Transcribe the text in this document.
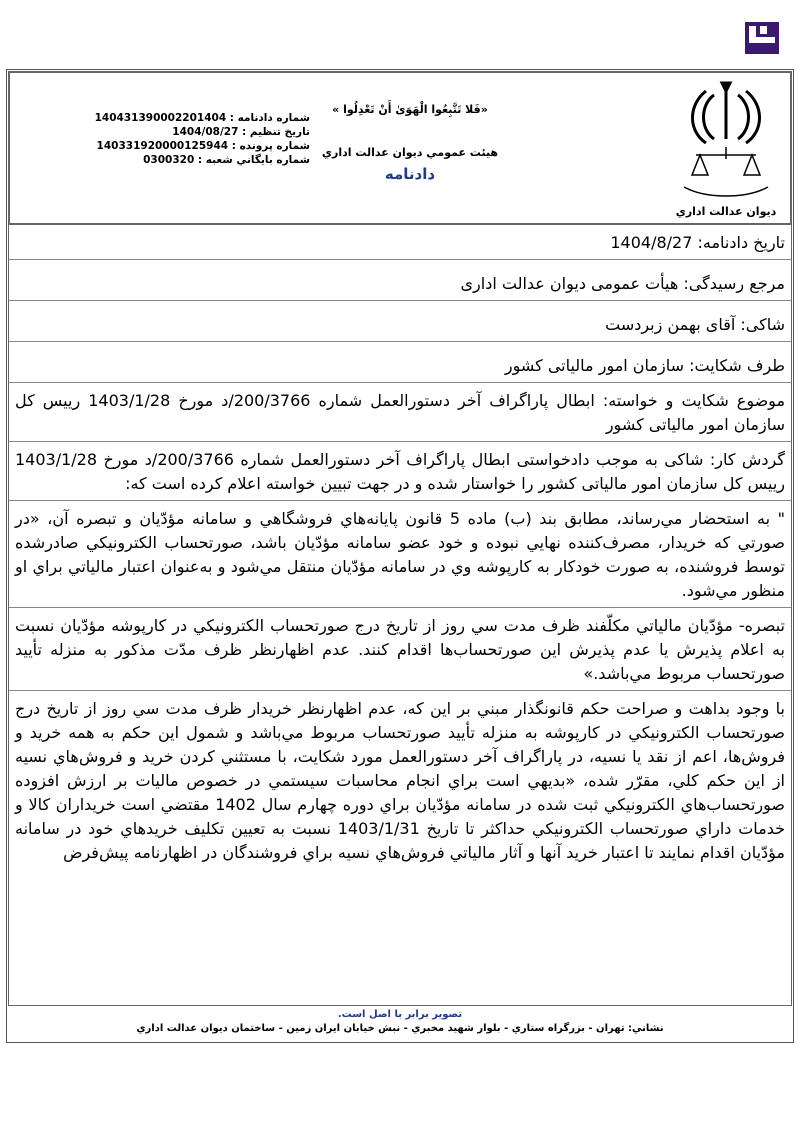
ديوان عدالت اداري
«فَلا تَتَّبِعُوا الْهَوَىٰ أَنْ تَعْدِلُوا »
هيئت عمومي ديوان عدالت اداري
دادنامه
شماره دادنامه : 140431390002201404
تاريخ تنظيم : 1404/08/27
شماره پرونده : 140331920000125944
شماره بايگاني شعبه : 0300320
تاریخ دادنامه: 1404/8/27
مرجع رسیدگی: هیأت عمومی دیوان عدالت اداری
شاکی: آقای بهمن زبردست
طرف شکایت: سازمان امور مالیاتی کشور
موضوع شکایت و خواسته: ابطال پاراگراف آخر دستورالعمل شماره 200/3766/د مورخ 1403/1/28 رییس کل سازمان امور مالیاتی کشور
گردش کار: شاکی به موجب دادخواستی ابطال پاراگراف آخر دستورالعمل شماره 200/3766/د مورخ 1403/1/28 رییس کل سازمان امور مالیاتی کشور را خواستار شده و در جهت تبیین خواسته اعلام کرده است که:
" به استحضار مي‌رساند، مطابق بند (ب) ماده 5 قانون پايانه‌هاي فروشگاهي و سامانه مؤدّيان و تبصره آن، «در صورتي كه خريدار، مصرف‌كننده نهايي نبوده و خود عضو سامانه مؤدّيان باشد، صورتحساب الكترونيكي صادرشده توسط فروشنده، به صورت خودكار به كارپوشه وي در سامانه مؤدّيان منتقل مي‌شود و به‌عنوان اعتبار مالياتي براي او منظور مي‌شود.
تبصره- مؤدّيان مالياتي مكلّفند ظرف مدت سي روز از تاريخ درج صورتحساب الكترونيكي در كارپوشه مؤدّيان نسبت به اعلام پذيرش يا عدم پذيرش اين صورتحساب‌ها اقدام كنند. عدم اظهارنظر ظرف مدّت مذكور به منزله تأييد صورتحساب مربوط مي‌باشد.»
با وجود بداهت و صراحت حكم قانونگذار مبني بر اين كه، عدم اظهارنظر خريدار ظرف مدت سي روز از تاريخ درج صورتحساب الكترونيكي در كارپوشه به منزله تأييد صورتحساب مربوط مي‌باشد و شمول اين حكم به همه خريد و فروش‌ها، اعم از نقد يا نسيه، در پاراگراف آخر دستورالعمل مورد شكايت، با مستثني كردن خريد و فروش‌هاي نسيه از اين حكم كلي، مقرّر شده، «بديهي است براي انجام محاسبات سيستمي در خصوص ماليات بر ارزش افزوده صورتحساب‌هاي الكترونيكي ثبت شده در سامانه مؤدّيان براي دوره چهارم سال 1402 مقتضي است خريداران كالا و خدمات داراي صورتحساب الكترونيكي حداكثر تا تاريخ 1403/1/31 نسبت به تعيين تكليف خريدهاي خود در سامانه مؤدّيان اقدام نمايند تا اعتبار خريد آنها و آثار مالياتي فروش‌هاي نسيه براي فروشندگان در اظهارنامه پيش‌فرض
تصوير برابر با اصل است.
نشاني: تهران - بزرگراه ستاري - بلوار شهيد مخبري - نبش خيابان ايران زمين - ساختمان ديوان عدالت اداري
